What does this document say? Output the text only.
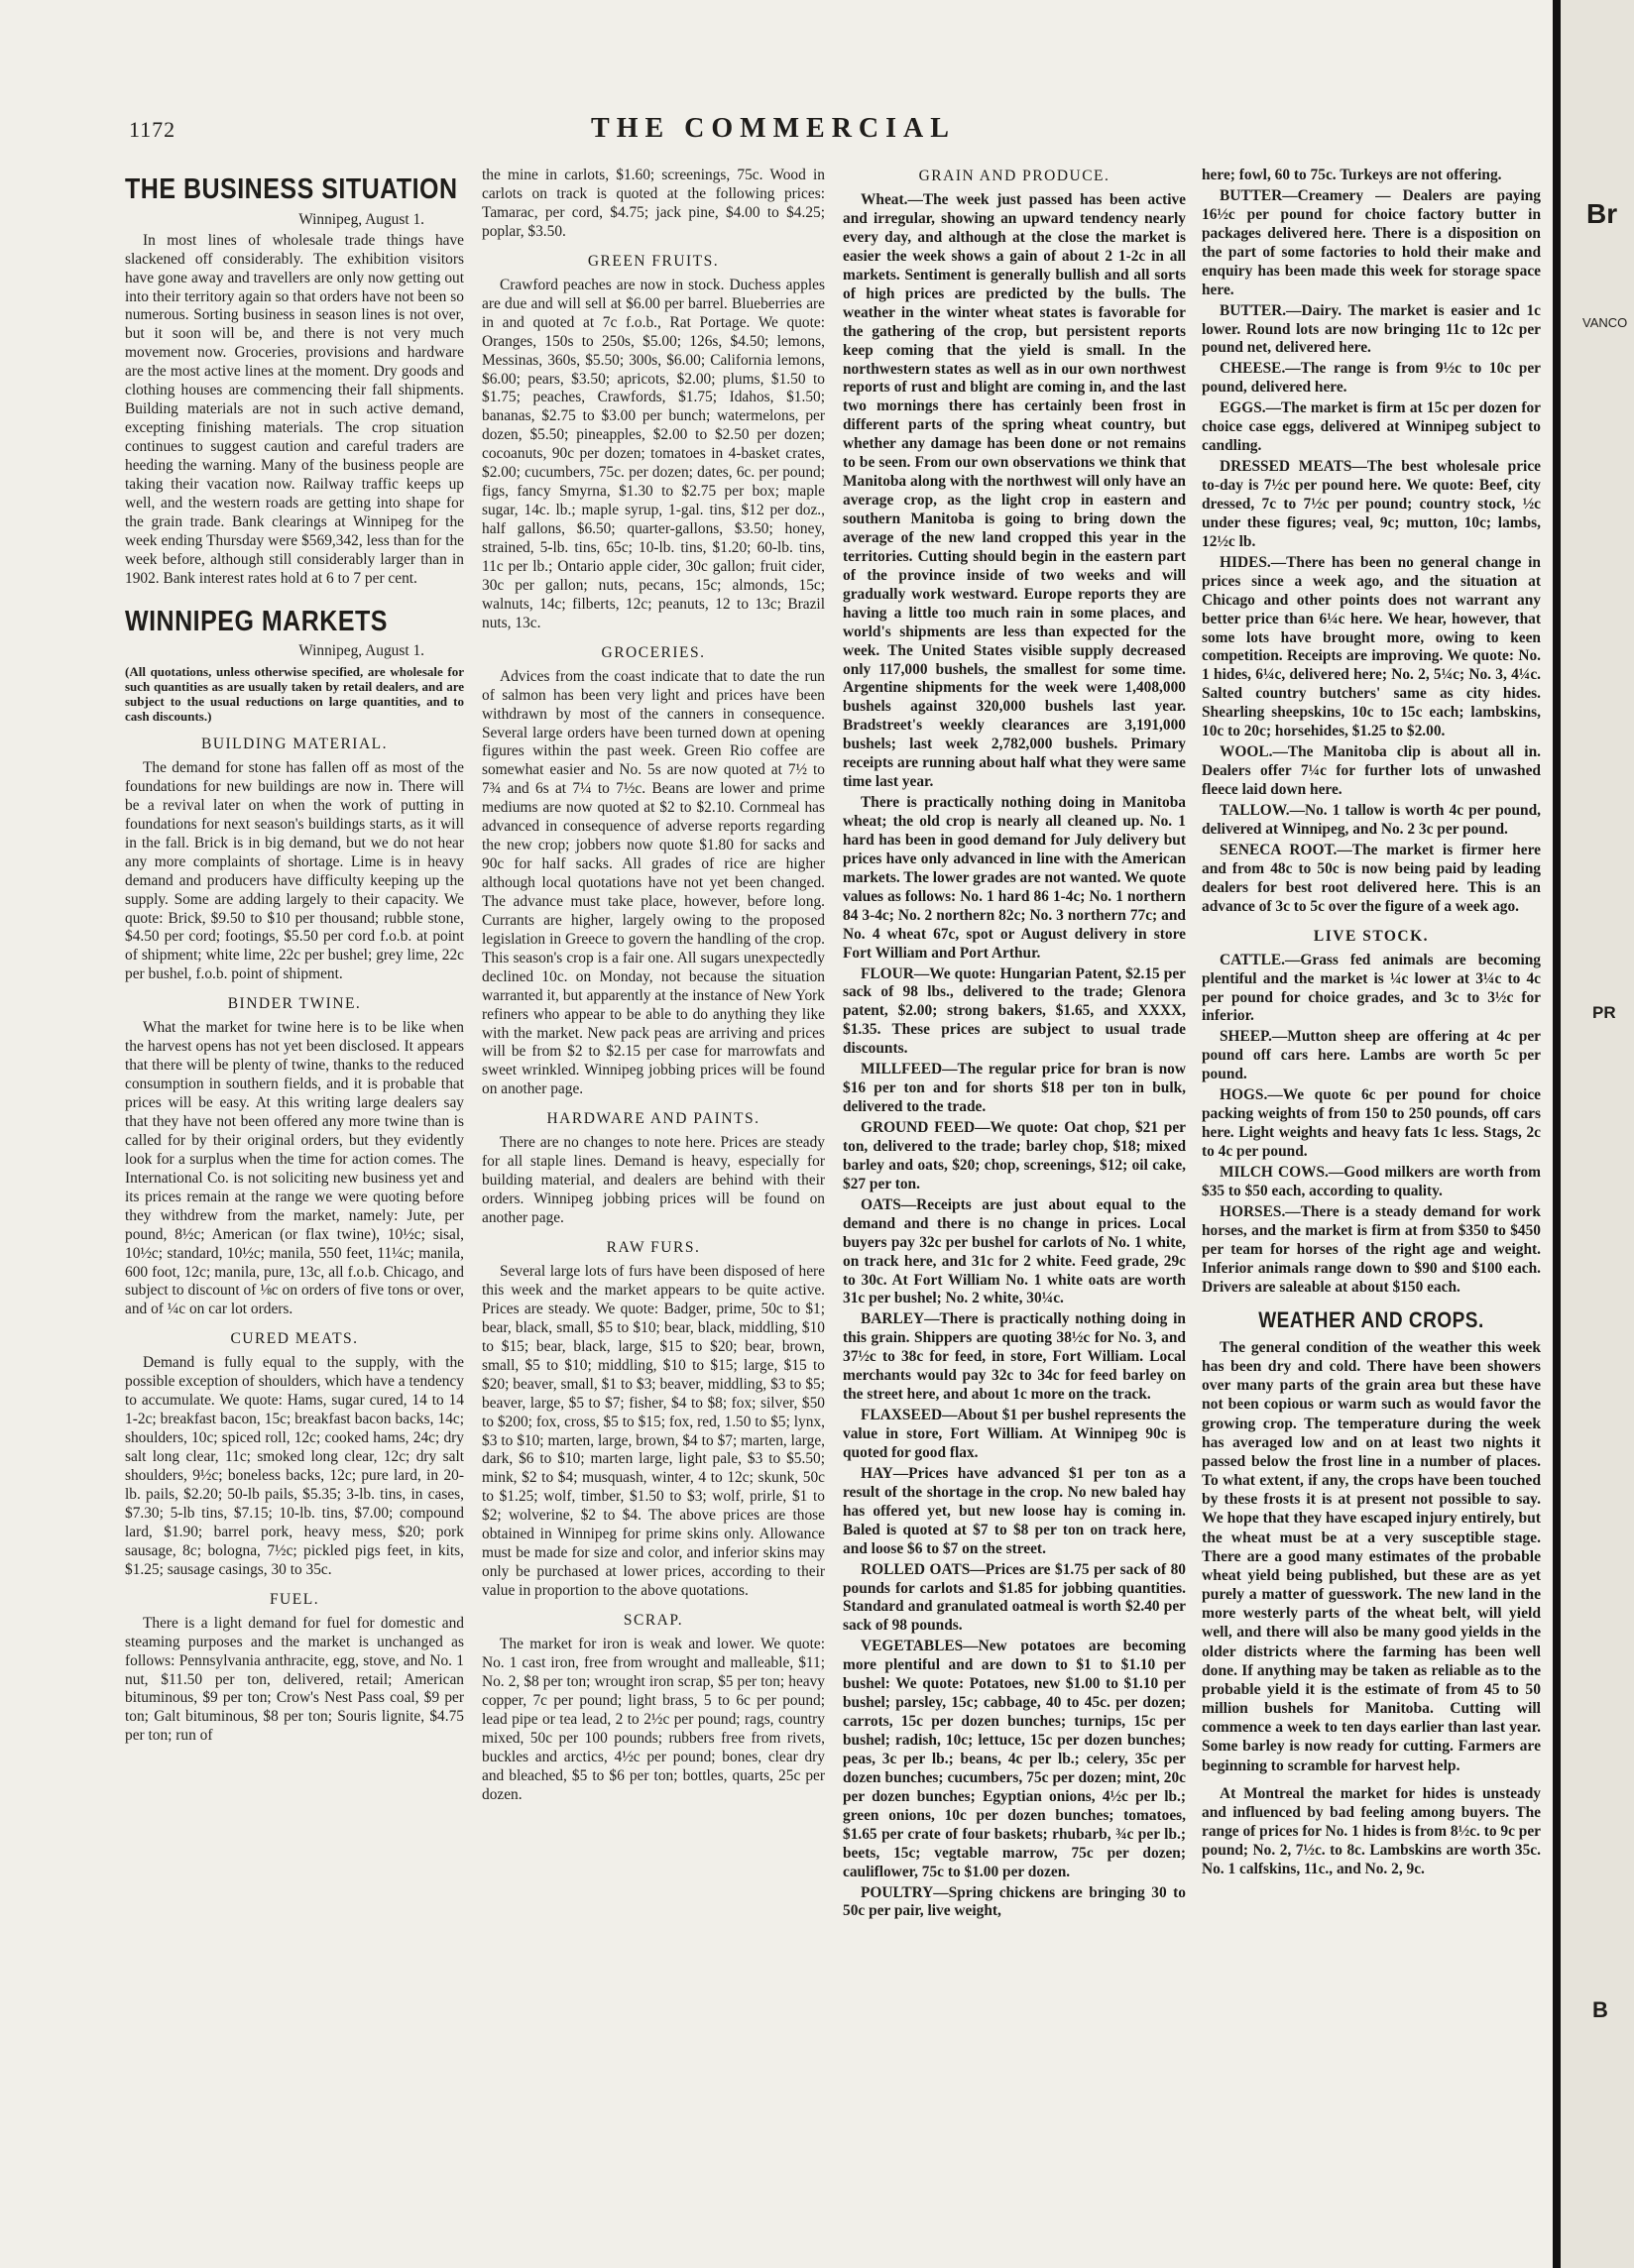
1172	THE COMMERCIAL
THE BUSINESS SITUATION

Winnipeg, August 1.

In most lines of wholesale trade things have slackened off considerably. The exhibition visitors have gone away and travellers are only now getting out into their territory again so that orders have not been so numerous. Sorting business in season lines is not over, but it soon will be, and there is not very much movement now. Groceries, provisions and hardware are the most active lines at the moment. Dry goods and clothing houses are commencing their fall shipments. Building materials are not in such active demand, excepting finishing materials. The crop situation continues to suggest caution and careful traders are heeding the warning. Many of the business people are taking their vacation now. Railway traffic keeps up well, and the western roads are getting into shape for the grain trade. Bank clearings at Winnipeg for the week ending Thursday were $569,342, less than for the week before, although still considerably larger than in 1902. Bank interest rates hold at 6 to 7 per cent.

WINNIPEG MARKETS

Winnipeg, August 1.

(All quotations, unless otherwise specified, are wholesale for such quantities as are usually taken by retail dealers, and are subject to the usual reductions on large quantities, and to cash discounts.)
BUILDING MATERIAL.

The demand for stone has fallen off as most of the foundations for new buildings are now in. There will be a revival later on when the work of putting in foundations for next season's buildings starts, as it will in the fall. Brick is in big demand, but we do not hear any more complaints of shortage. Lime is in heavy demand and producers have difficulty keeping up the supply. Some are adding largely to their capacity. We quote: Brick, $9.50 to $10 per thousand; rubble stone, $4.50 per cord; footings, $5.50 per cord f.o.b. at point of shipment; white lime, 22c per bushel; grey lime, 22c per bushel, f.o.b. point of shipment.

BINDER TWINE.

What the market for twine here is to be like when the harvest opens has not yet been disclosed. It appears that there will be plenty of twine, thanks to the reduced consumption in southern fields, and it is probable that prices will be easy. At this writing large dealers say that they have not been offered any more twine than is called for by their original orders, but they evidently look for a surplus when the time for action comes. The International Co. is not soliciting new business yet and its prices remain at the range we were quoting before they withdrew from the market, namely: Jute, per pound, 8½c; American (or flax twine), 10½c; sisal, 10½c; standard, 10½c; manila, 550 feet, 11¼c; manila, 600 foot, 12c; manila, pure, 13c, all f.o.b. Chicago, and subject to discount of ⅛c on orders of five tons or over, and of ¼c on car lot orders.

CURED MEATS.

Demand is fully equal to the supply, with the possible exception of shoulders, which have a tendency to accumulate. We quote: Hams, sugar cured, 14 to 14 1-2c; breakfast bacon, 15c; breakfast bacon backs, 14c; shoulders, 10c; spiced roll, 12c; cooked hams, 24c; dry salt long clear, 11c; smoked long clear, 12c; dry salt shoulders, 9½c; boneless backs, 12c; pure lard, in 20-lb. pails, $2.20; 50-lb pails, $5.35; 3-lb. tins, in cases, $7.30; 5-lb tins, $7.15; 10-lb. tins, $7.00; compound lard, $1.90; barrel pork, heavy mess, $20; pork sausage, 8c; bologna, 7½c; pickled pigs feet, in kits, $1.25; sausage casings, 30 to 35c.

FUEL.

There is a light demand for fuel for domestic and steaming purposes and the market is unchanged as follows: Pennsylvania anthracite, egg, stove, and No. 1 nut, $11.50 per ton, delivered, retail; American bituminous, $9 per ton; Crow's Nest Pass coal, $9 per ton; Galt bituminous, $8 per ton; Souris lignite, $4.75 per ton; run of

the mine in carlots, $1.60; screenings, 75c. Wood in carlots on track is quoted at the following prices: Tamarac, per cord, $4.75; jack pine, $4.00 to $4.25; poplar, $3.50.

GREEN FRUITS.

Crawford peaches are now in stock. Duchess apples are due and will sell at $6.00 per barrel. Blueberries are in and quoted at 7c f.o.b., Rat Portage. We quote: Oranges, 150s to 250s, $5.00; 126s, $4.50; lemons, Messinas, 360s, $5.50; 300s, $6.00; California lemons, $6.00; pears, $3.50; apricots, $2.00; plums, $1.50 to $1.75; peaches, Crawfords, $1.75; Idahos, $1.50; bananas, $2.75 to $3.00 per bunch; watermelons, per dozen, $5.50; pineapples, $2.00 to $2.50 per dozen; cocoanuts, 90c per dozen; tomatoes in 4-basket crates, $2.00; cucumbers, 75c. per dozen; dates, 6c. per pound; figs, fancy Smyrna, $1.30 to $2.75 per box; maple sugar, 14c. lb.; maple syrup, 1-gal. tins, $12 per doz., half gallons, $6.50; quarter-gallons, $3.50; honey, strained, 5-lb. tins, 65c; 10-lb. tins, $1.20; 60-lb. tins, 11c per lb.; Ontario apple cider, 30c gallon; fruit cider, 30c per gallon; nuts, pecans, 15c; almonds, 15c; walnuts, 14c; filberts, 12c; peanuts, 12 to 13c; Brazil nuts, 13c.

GROCERIES.

Advices from the coast indicate that to date the run of salmon has been very light and prices have been withdrawn by most of the canners in consequence. Several large orders have been turned down at opening figures within the past week. Green Rio coffee are somewhat easier and No. 5s are now quoted at 7½ to 7¾ and 6s at 7¼ to 7½c. Beans are lower and prime mediums are now quoted at $2 to $2.10. Cornmeal has advanced in consequence of adverse reports regarding the new crop; jobbers now quote $1.80 for sacks and 90c for half sacks. All grades of rice are higher although local quotations have not yet been changed. The advance must take place, however, before long. Currants are higher, largely owing to the proposed legislation in Greece to govern the handling of the crop. This season's crop is a fair one. All sugars unexpectedly declined 10c. on Monday, not because the situation warranted it, but apparently at the instance of New York refiners who appear to be able to do anything they like with the market. New pack peas are arriving and prices will be from $2 to $2.15 per case for marrowfats and sweet wrinkled. Winnipeg jobbing prices will be found on another page.

HARDWARE AND PAINTS.

There are no changes to note here. Prices are steady for all staple lines. Demand is heavy, especially for building material, and dealers are behind with their orders. Winnipeg jobbing prices will be found on another page.

RAW FURS.

Several large lots of furs have been disposed of here this week and the market appears to be quite active. Prices are steady. We quote: Badger, prime, 50c to $1; bear, black, small, $5 to $10; bear, black, middling, $10 to $15; bear, black, large, $15 to $20; bear, brown, small, $5 to $10; middling, $10 to $15; large, $15 to $20; beaver, small, $1 to $3; beaver, middling, $3 to $5; beaver, large, $5 to $7; fisher, $4 to $8; fox; silver, $50 to $200; fox, cross, $5 to $15; fox, red, 1.50 to $5; lynx, $3 to $10; marten, large, brown, $4 to $7; marten, large, dark, $6 to $10; marten large, light pale, $3 to $5.50; mink, $2 to $4; musquash, winter, 4 to 12c; skunk, 50c to $1.25; wolf, timber, $1.50 to $3; wolf, prirle, $1 to $2; wolverine, $2 to $4. The above prices are those obtained in Winnipeg for prime skins only. Allowance must be made for size and color, and inferior skins may only be purchased at lower prices, according to their value in proportion to the above quotations.

SCRAP.

The market for iron is weak and lower. We quote: No. 1 cast iron, free from wrought and malleable, $11; No. 2, $8 per ton; wrought iron scrap, $5 per ton; heavy copper, 7c per pound; light brass, 5 to 6c per pound; lead pipe or tea lead, 2 to 2½c per pound; rags, country mixed, 50c per 100 pounds; rubbers free from rivets, buckles and arctics, 4½c per pound; bones, clear dry and bleached, $5 to $6 per ton; bottles, quarts, 25c per dozen.

GRAIN AND PRODUCE.

Wheat.—The week just passed has been active and irregular, showing an upward tendency nearly every day, and although at the close the market is easier the week shows a gain of about 2 1-2c in all markets. Sentiment is generally bullish and all sorts of high prices are predicted by the bulls. The weather in the winter wheat states is favorable for the gathering of the crop, but persistent reports keep coming that the yield is small. In the northwestern states as well as in our own northwest reports of rust and blight are coming in, and the last two mornings there has certainly been frost in different parts of the spring wheat country, but whether any damage has been done or not remains to be seen. From our own observations we think that Manitoba along with the northwest will only have an average crop, as the light crop in eastern and southern Manitoba is going to bring down the average of the new land cropped this year in the territories. Cutting should begin in the eastern part of the province inside of two weeks and will gradually work westward. Europe reports they are having a little too much rain in some places, and world's shipments are less than expected for the week. The United States visible supply decreased only 117,000 bushels, the smallest for some time. Argentine shipments for the week were 1,408,000 bushels against 320,000 bushels last year. Bradstreet's weekly clearances are 3,191,000 bushels; last week 2,782,000 bushels. Primary receipts are running about half what they were same time last year.

There is practically nothing doing in Manitoba wheat; the old crop is nearly all cleaned up. No. 1 hard has been in good demand for July delivery but prices have only advanced in line with the American markets. The lower grades are not wanted. We quote values as follows: No. 1 hard 86 1-4c; No. 1 northern 84 3-4c; No. 2 northern 82c; No. 3 northern 77c; and No. 4 wheat 67c, spot or August delivery in store Fort William and Port Arthur.

FLOUR—We quote: Hungarian Patent, $2.15 per sack of 98 lbs., delivered to the trade; Glenora patent, $2.00; strong bakers, $1.65, and XXXX, $1.35. These prices are subject to usual trade discounts.

MILLFEED—The regular price for bran is now $16 per ton and for shorts $18 per ton in bulk, delivered to the trade.

GROUND FEED—We quote: Oat chop, $21 per ton, delivered to the trade; barley chop, $18; mixed barley and oats, $20; chop, screenings, $12; oil cake, $27 per ton.

OATS—Receipts are just about equal to the demand and there is no change in prices. Local buyers pay 32c per bushel for carlots of No. 1 white, on track here, and 31c for 2 white. Feed grade, 29c to 30c. At Fort William No. 1 white oats are worth 31c per bushel; No. 2 white, 30¼c.

BARLEY—There is practically nothing doing in this grain. Shippers are quoting 38½c for No. 3, and 37½c to 38c for feed, in store, Fort William. Local merchants would pay 32c to 34c for feed barley on the street here, and about 1c more on the track.

FLAXSEED—About $1 per bushel represents the value in store, Fort William. At Winnipeg 90c is quoted for good flax.

HAY—Prices have advanced $1 per ton as a result of the shortage in the crop. No new baled hay has offered yet, but new loose hay is coming in. Baled is quoted at $7 to $8 per ton on track here, and loose $6 to $7 on the street.

ROLLED OATS—Prices are $1.75 per sack of 80 pounds for carlots and $1.85 for jobbing quantities. Standard and granulated oatmeal is worth $2.40 per sack of 98 pounds.

VEGETABLES—New potatoes are becoming more plentiful and are down to $1 to $1.10 per bushel: We quote: Potatoes, new $1.00 to $1.10 per bushel; parsley, 15c; cabbage, 40 to 45c. per dozen; carrots, 15c per dozen bunches; turnips, 15c per bushel; radish, 10c; lettuce, 15c per dozen bunches; peas, 3c per lb.; beans, 4c per lb.; celery, 35c per dozen bunches; cucumbers, 75c per dozen; mint, 20c per dozen bunches; Egyptian onions, 4½c per lb.; green onions, 10c per dozen bunches; tomatoes, $1.65 per crate of four baskets; rhubarb, ¾c per lb.; beets, 15c; vegtable marrow, 75c per dozen; cauliflower, 75c to $1.00 per dozen.

POULTRY—Spring chickens are bringing 30 to 50c per pair, live weight,

here; fowl, 60 to 75c. Turkeys are not offering.

BUTTER—Creamery — Dealers are paying 16½c per pound for choice factory butter in packages delivered here. There is a disposition on the part of some factories to hold their make and enquiry has been made this week for storage space here.

BUTTER.—Dairy. The market is easier and 1c lower. Round lots are now bringing 11c to 12c per pound net, delivered here.

CHEESE.—The range is from 9½c to 10c per pound, delivered here.

EGGS.—The market is firm at 15c per dozen for choice case eggs, delivered at Winnipeg subject to candling.

DRESSED MEATS—The best wholesale price to-day is 7½c per pound here. We quote: Beef, city dressed, 7c to 7½c per pound; country stock, ½c under these figures; veal, 9c; mutton, 10c; lambs, 12½c lb.

HIDES.—There has been no general change in prices since a week ago, and the situation at Chicago and other points does not warrant any better price than 6¼c here. We hear, however, that some lots have brought more, owing to keen competition. Receipts are improving. We quote: No. 1 hides, 6¼c, delivered here; No. 2, 5¼c; No. 3, 4¼c. Salted country butchers' same as city hides. Shearling sheepskins, 10c to 15c each; lambskins, 10c to 20c; horsehides, $1.25 to $2.00.

WOOL.—The Manitoba clip is about all in. Dealers offer 7¼c for further lots of unwashed fleece laid down here.

TALLOW.—No. 1 tallow is worth 4c per pound, delivered at Winnipeg, and No. 2 3c per pound.

SENECA ROOT.—The market is firmer here and from 48c to 50c is now being paid by leading dealers for best root delivered here. This is an advance of 3c to 5c over the figure of a week ago.

LIVE STOCK.

CATTLE.—Grass fed animals are becoming plentiful and the market is ¼c lower at 3¼c to 4c per pound for choice grades, and 3c to 3½c for inferior.

SHEEP.—Mutton sheep are offering at 4c per pound off cars here. Lambs are worth 5c per pound.

HOGS.—We quote 6c per pound for choice packing weights of from 150 to 250 pounds, off cars here. Light weights and heavy fats 1c less. Stags, 2c to 4c per pound.

MILCH COWS.—Good milkers are worth from $35 to $50 each, according to quality.

HORSES.—There is a steady demand for work horses, and the market is firm at from $350 to $450 per team for horses of the right age and weight. Inferior animals range down to $90 and $100 each. Drivers are saleable at about $150 each.

WEATHER AND CROPS.

The general condition of the weather this week has been dry and cold. There have been showers over many parts of the grain area but these have not been copious or warm such as would favor the growing crop. The temperature during the week has averaged low and on at least two nights it passed below the frost line in a number of places. To what extent, if any, the crops have been touched by these frosts it is at present not possible to say. We hope that they have escaped injury entirely, but the wheat must be at a very susceptible stage. There are a good many estimates of the probable wheat yield being published, but these are as yet purely a matter of guesswork. The new land in the more westerly parts of the wheat belt, will yield well, and there will also be many good yields in the older districts where the farming has been well done. If anything may be taken as reliable as to the probable yield it is the estimate of from 45 to 50 million bushels for Manitoba. Cutting will commence a week to ten days earlier than last year. Some barley is now ready for cutting. Farmers are beginning to scramble for harvest help.

At Montreal the market for hides is unsteady and influenced by bad feeling among buyers. The range of prices for No. 1 hides is from 8½c. to 9c per pound; No. 2, 7½c. to 8c. Lambskins are worth 35c. No. 1 calfskins, 11c., and No. 2, 9c.

Br
VANCO
PR
B
